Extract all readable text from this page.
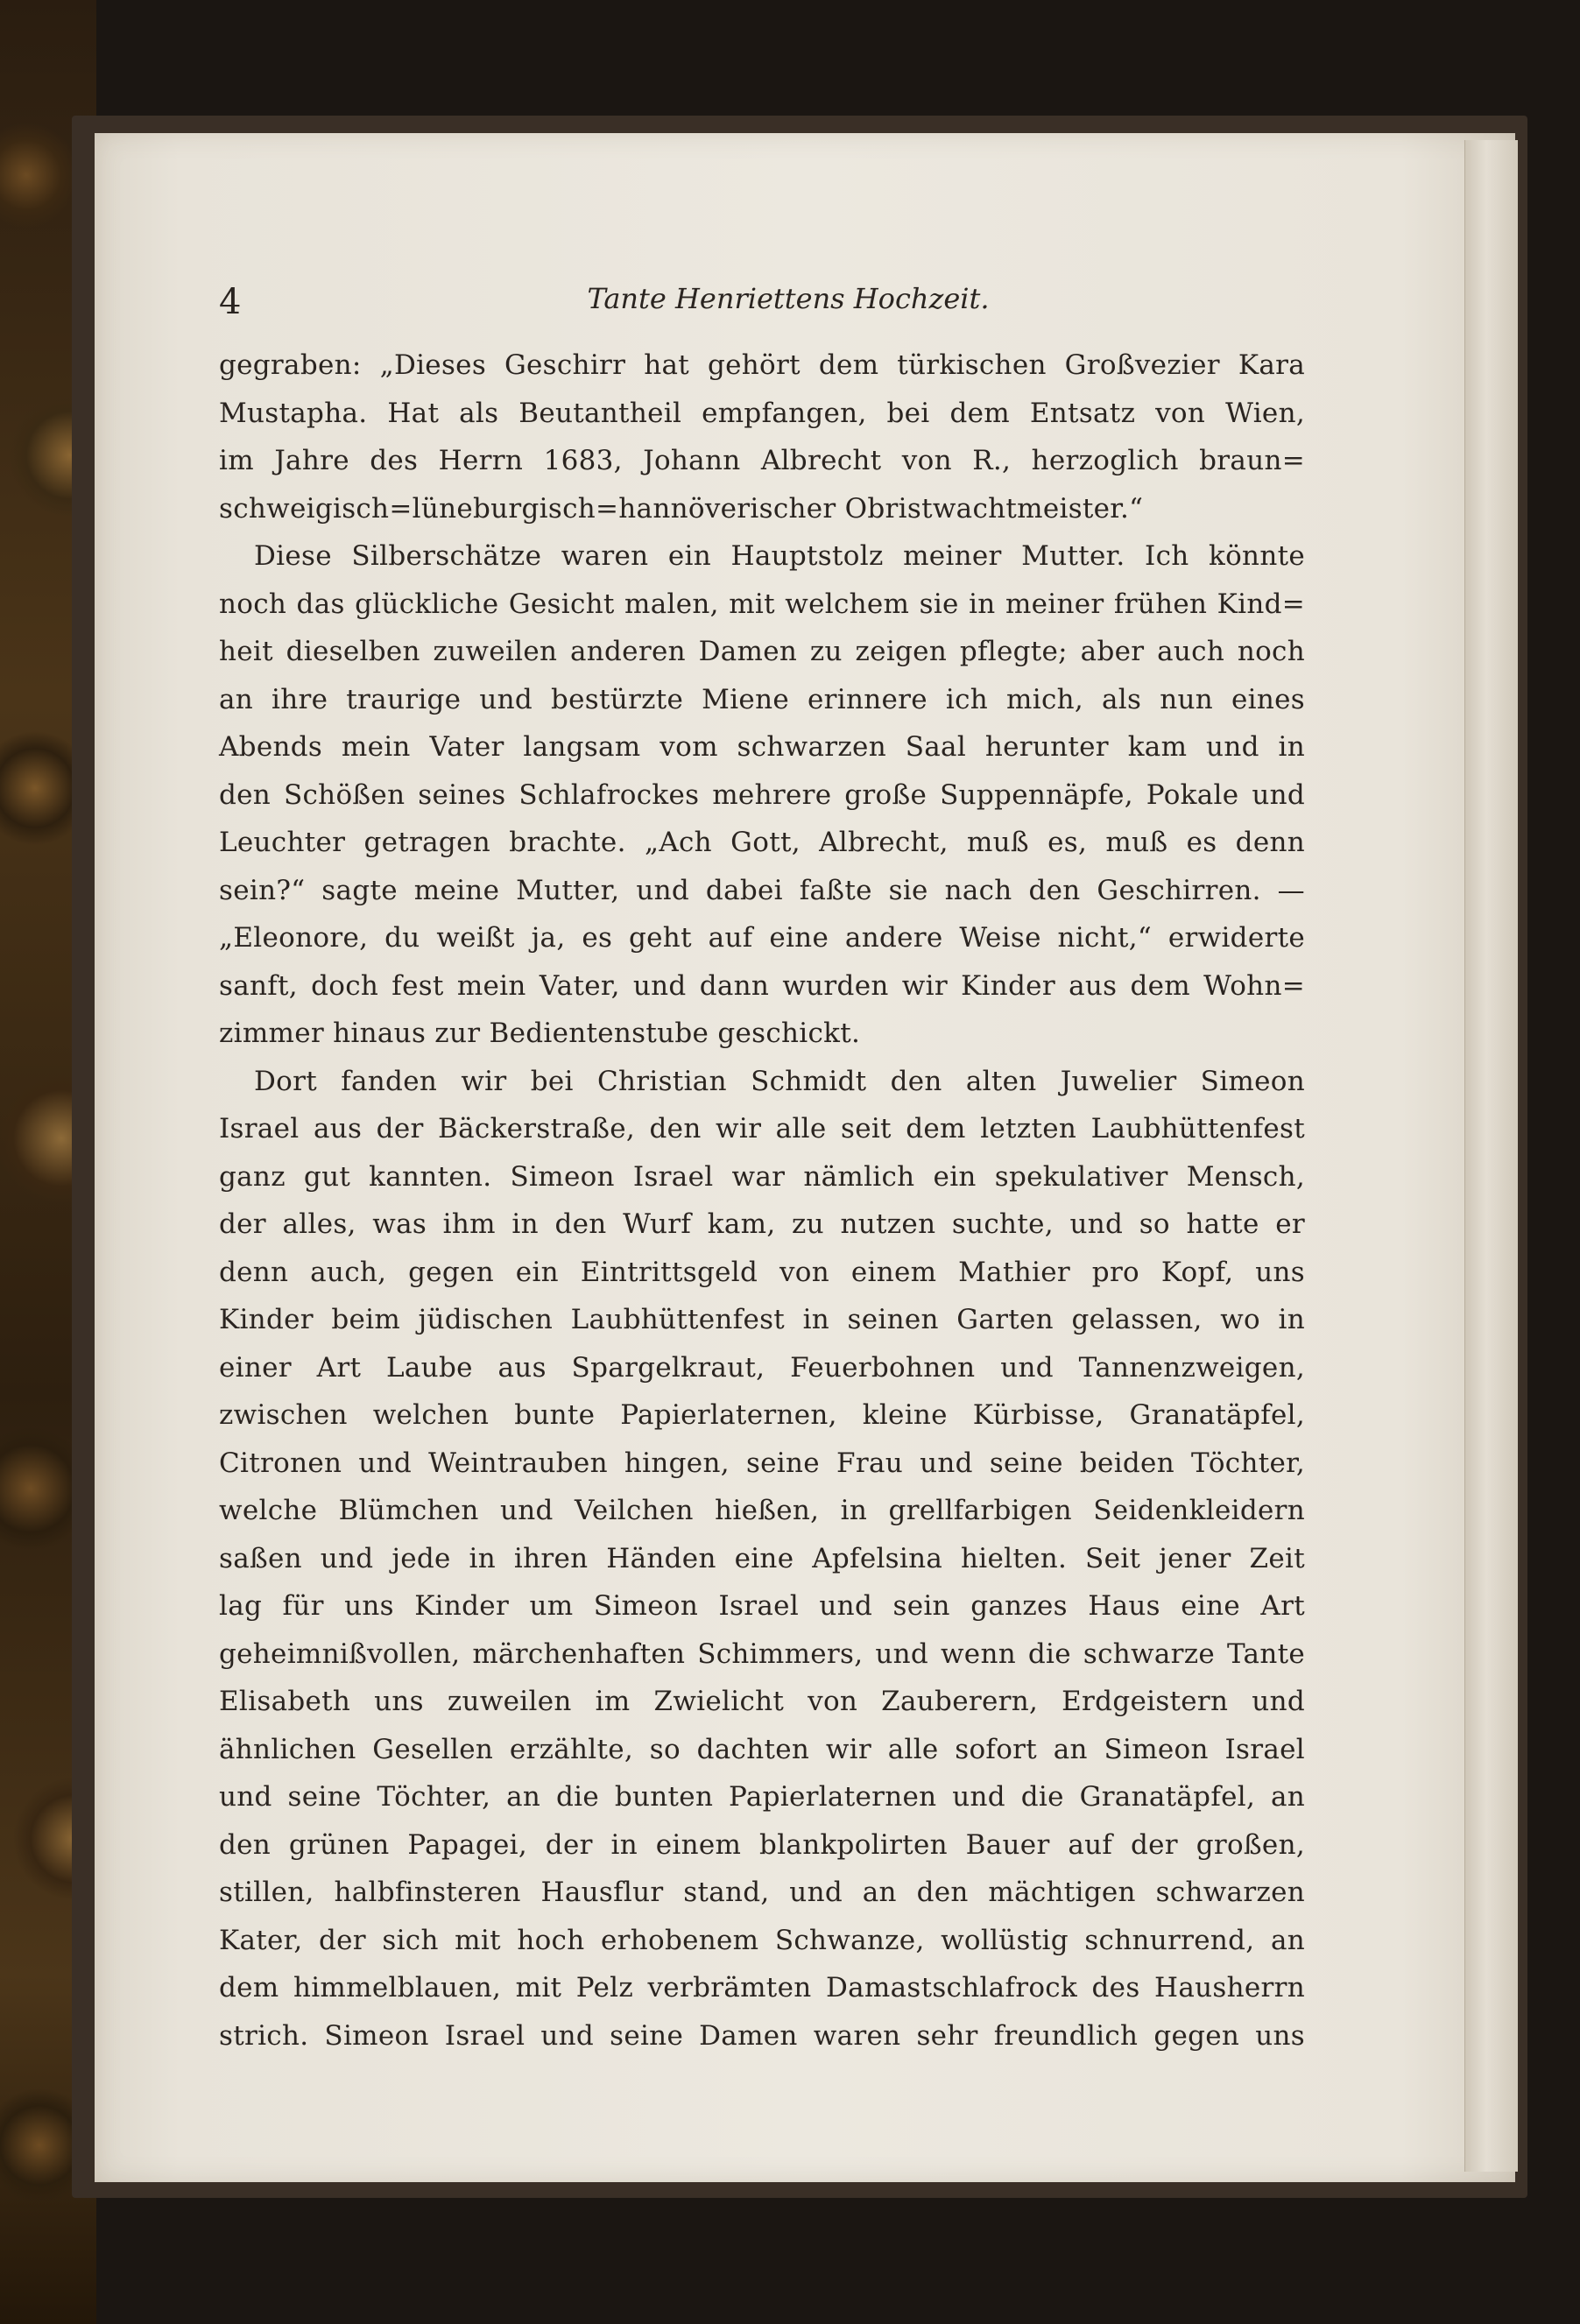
4	Tante Henriettens Hochzeit.
gegraben: „Dieses Geschirr hat gehört dem türkischen Großvezier Kara
Mustapha. Hat als Beutantheil empfangen, bei dem Entsatz von Wien,
im Jahre des Herrn 1683, Johann Albrecht von R., herzoglich braun=
schweigisch=lüneburgisch=hannöverischer Obristwachtmeister.“
Diese Silberschätze waren ein Hauptstolz meiner Mutter. Ich könnte
noch das glückliche Gesicht malen, mit welchem sie in meiner frühen Kind=
heit dieselben zuweilen anderen Damen zu zeigen pflegte; aber auch noch
an ihre traurige und bestürzte Miene erinnere ich mich, als nun eines
Abends mein Vater langsam vom schwarzen Saal herunter kam und in
den Schößen seines Schlafrockes mehrere große Suppennäpfe, Pokale und
Leuchter getragen brachte. „Ach Gott, Albrecht, muß es, muß es denn
sein?“ sagte meine Mutter, und dabei faßte sie nach den Geschirren. —
„Eleonore, du weißt ja, es geht auf eine andere Weise nicht,“ erwiderte
sanft, doch fest mein Vater, und dann wurden wir Kinder aus dem Wohn=
zimmer hinaus zur Bedientenstube geschickt.
Dort fanden wir bei Christian Schmidt den alten Juwelier Simeon
Israel aus der Bäckerstraße, den wir alle seit dem letzten Laubhüttenfest
ganz gut kannten. Simeon Israel war nämlich ein spekulativer Mensch,
der alles, was ihm in den Wurf kam, zu nutzen suchte, und so hatte er
denn auch, gegen ein Eintrittsgeld von einem Mathier pro Kopf, uns
Kinder beim jüdischen Laubhüttenfest in seinen Garten gelassen, wo in
einer Art Laube aus Spargelkraut, Feuerbohnen und Tannenzweigen,
zwischen welchen bunte Papierlaternen, kleine Kürbisse, Granatäpfel,
Citronen und Weintrauben hingen, seine Frau und seine beiden Töchter,
welche Blümchen und Veilchen hießen, in grellfarbigen Seidenkleidern
saßen und jede in ihren Händen eine Apfelsina hielten. Seit jener Zeit
lag für uns Kinder um Simeon Israel und sein ganzes Haus eine Art
geheimnißvollen, märchenhaften Schimmers, und wenn die schwarze Tante
Elisabeth uns zuweilen im Zwielicht von Zauberern, Erdgeistern und
ähnlichen Gesellen erzählte, so dachten wir alle sofort an Simeon Israel
und seine Töchter, an die bunten Papierlaternen und die Granatäpfel, an
den grünen Papagei, der in einem blankpolirten Bauer auf der großen,
stillen, halbfinsteren Hausflur stand, und an den mächtigen schwarzen
Kater, der sich mit hoch erhobenem Schwanze, wollüstig schnurrend, an
dem himmelblauen, mit Pelz verbrämten Damastschlafrock des Hausherrn
strich. Simeon Israel und seine Damen waren sehr freundlich gegen uns
